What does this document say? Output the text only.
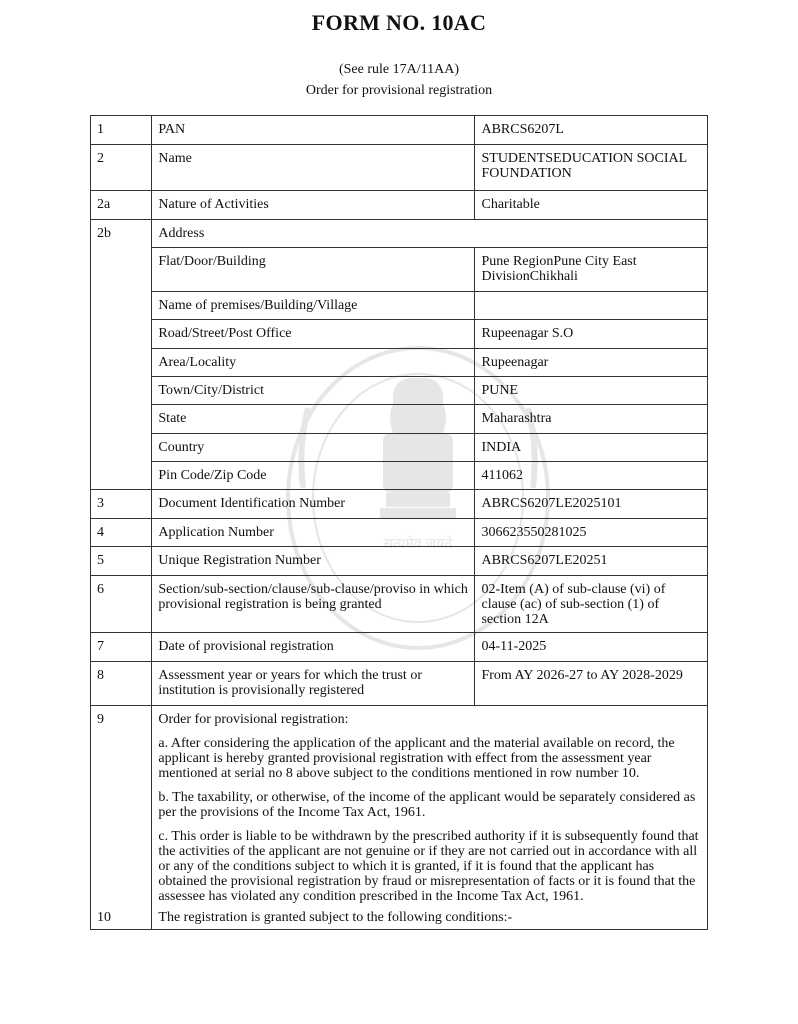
FORM NO. 10AC
(See rule 17A/11AA)
Order for provisional registration
सत्यमेव जयते
1	PAN	ABRCS6207L
2	Name	STUDENTSEDUCATION SOCIAL FOUNDATION
2a	Nature of Activities	Charitable
2b	Address	
	Flat/Door/Building	Pune RegionPune City East DivisionChikhali
	Name of premises/Building/Village	
	Road/Street/Post Office	Rupeenagar S.O
	Area/Locality	Rupeenagar
	Town/City/District	PUNE
	State	Maharashtra
	Country	INDIA
	Pin Code/Zip Code	411062
3	Document Identification Number	ABRCS6207LE2025101
4	Application Number	306623550281025
5	Unique Registration Number	ABRCS6207LE20251
6	Section/sub-section/clause/sub-clause/proviso in which provisional registration is being granted	02-Item (A) of sub-clause (vi) of clause (ac) of sub-section (1) of section 12A
7	Date of provisional registration	04-11-2025
8	Assessment year or years for which the trust or institution is provisionally registered	From AY 2026-27 to AY 2028-2029
9	Order for provisional registration:
a. After considering the application of the applicant and the material available on record, the applicant is hereby granted provisional registration with effect from the assessment year mentioned at serial no 8 above subject to the conditions mentioned in row number 10.
b. The taxability, or otherwise, of the income of the applicant would be separately considered as per the provisions of the Income Tax Act, 1961.
c. This order is liable to be withdrawn by the prescribed authority if it is subsequently found that the activities of the applicant are not genuine or if they are not carried out in accordance with all or any of the conditions subject to which it is granted, if it is found that the applicant has obtained the provisional registration by fraud or misrepresentation of facts or it is found that the assessee has violated any condition prescribed in the Income Tax Act, 1961.	

10	The registration is granted subject to the following conditions:-	
